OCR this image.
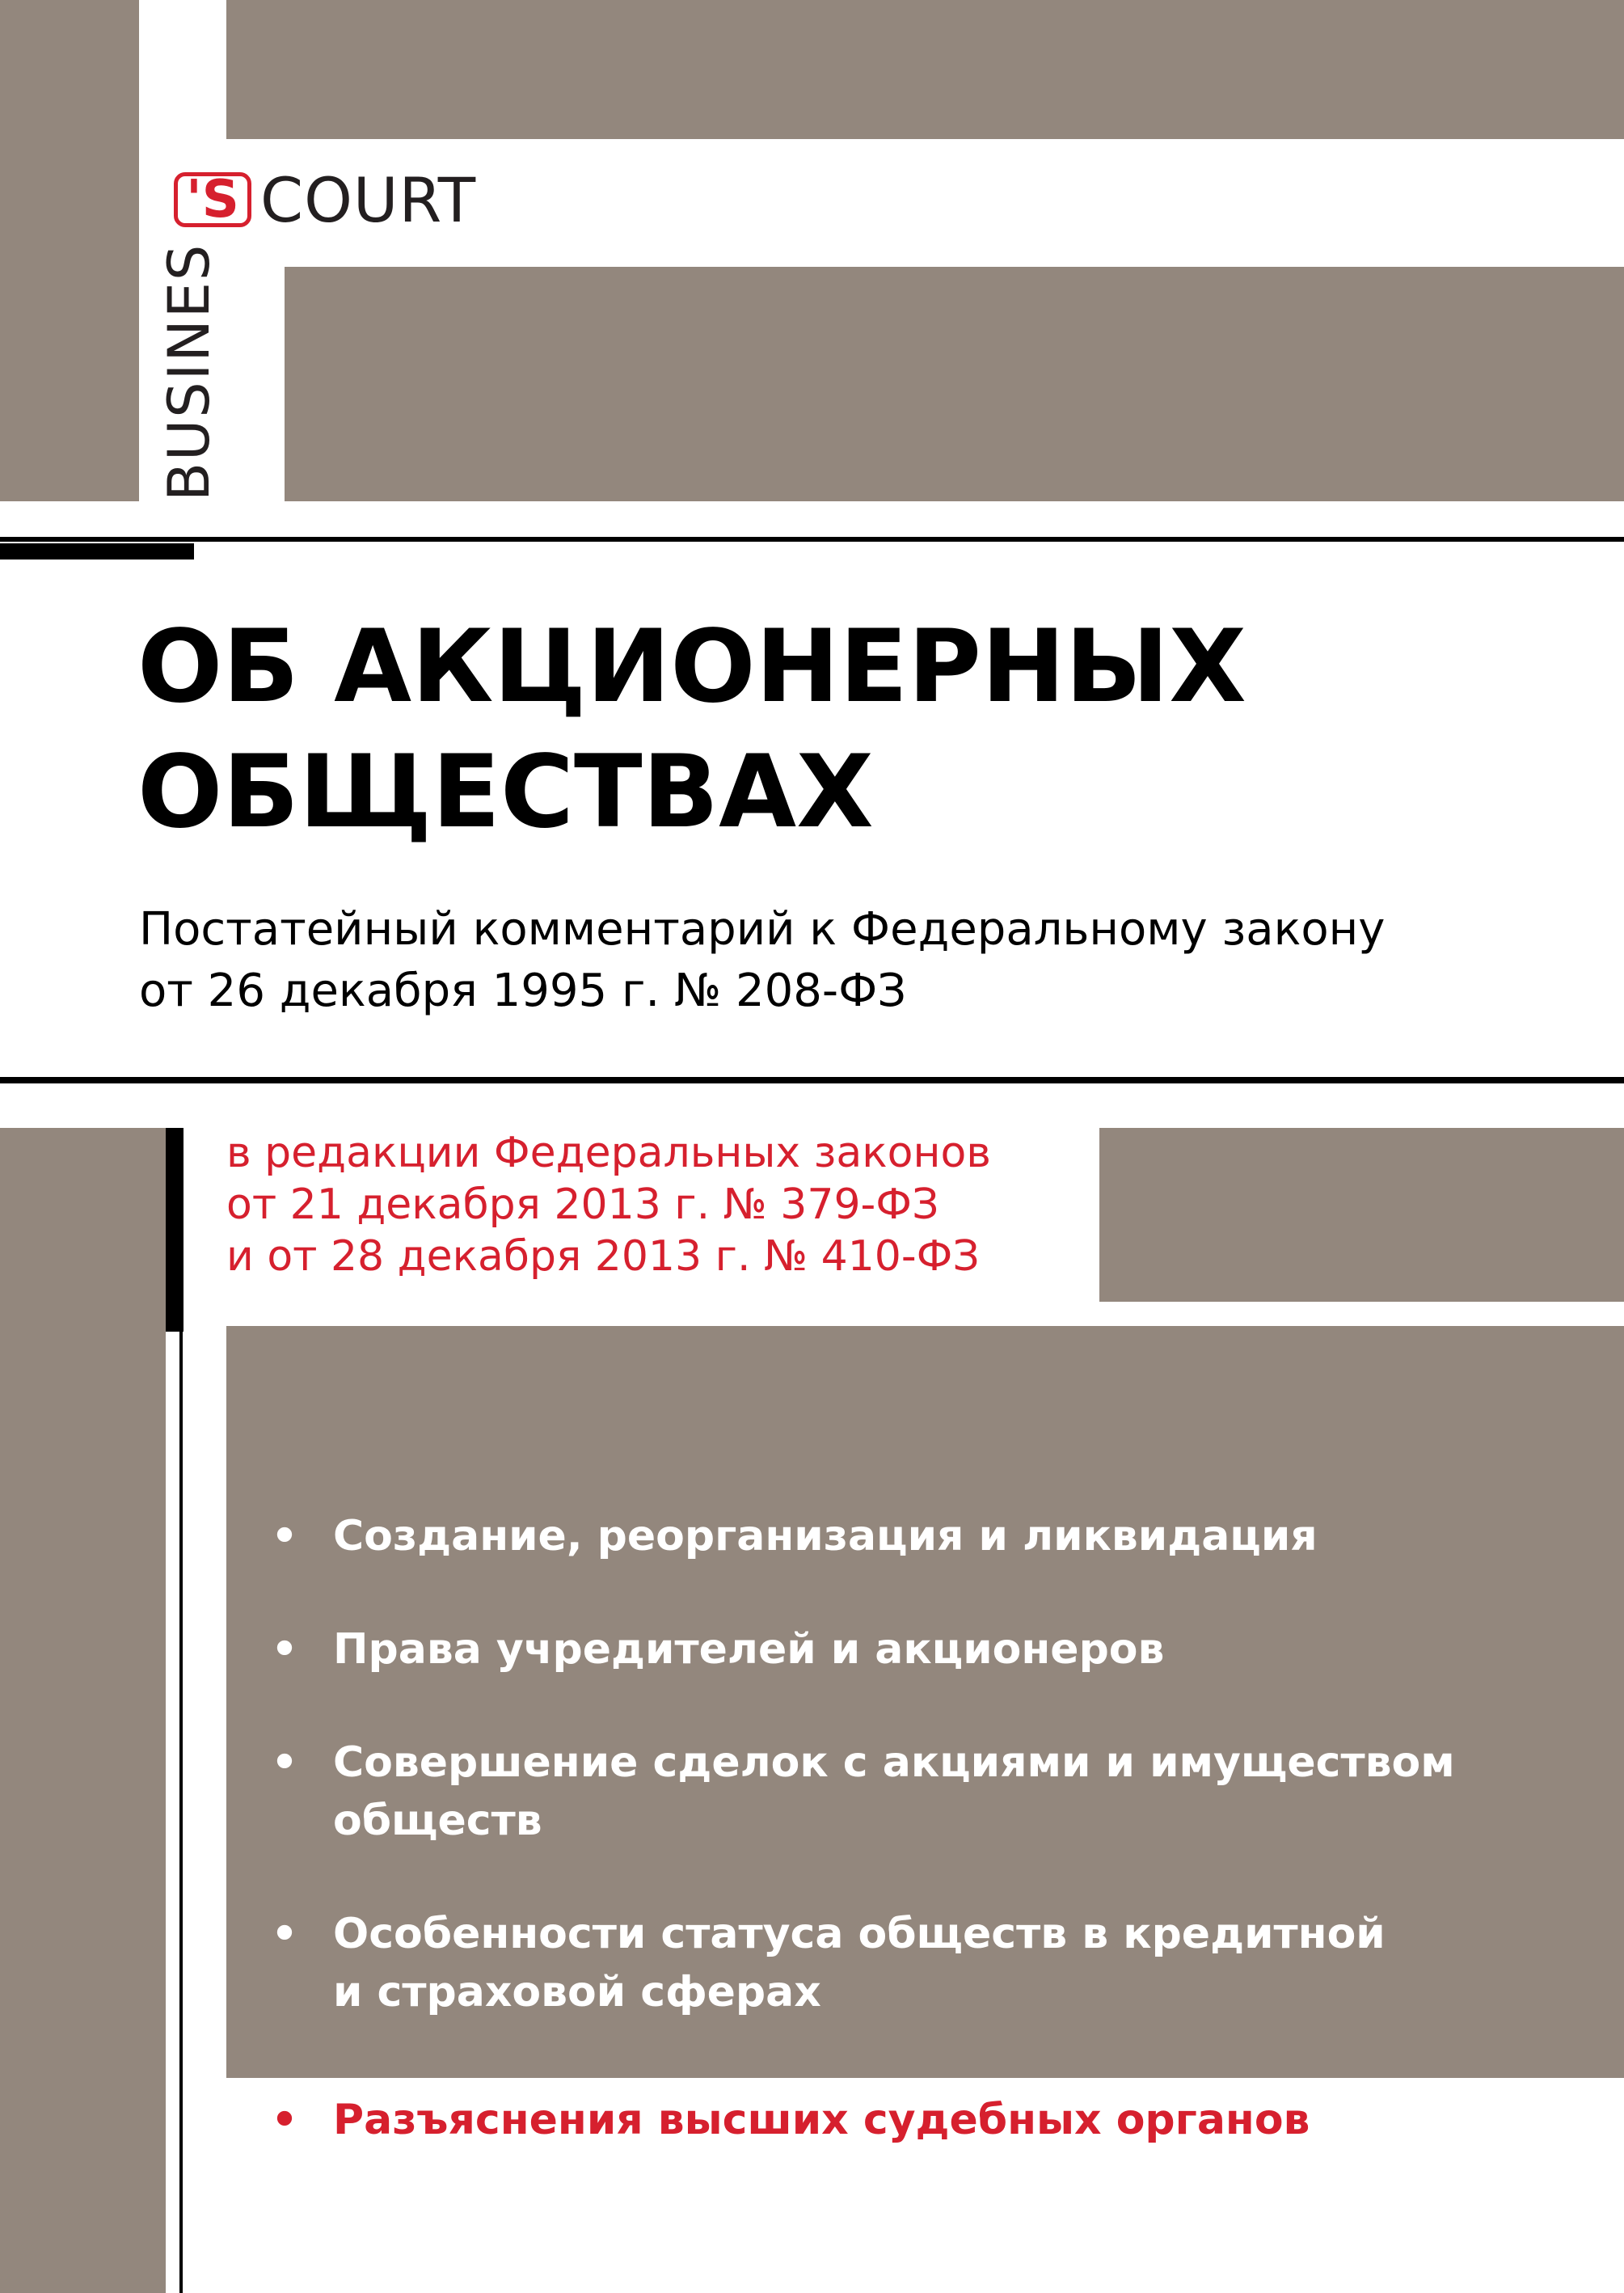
'S COURT
BUSINES
ОБ АКЦИОНЕРНЫХ
ОБЩЕСТВАХ
Постатейный комментарий к Федеральному закону
от 26 декабря 1995 г. № 208-ФЗ
в редакции Федеральных законов
от 21 декабря 2013 г. № 379-ФЗ
и от 28 декабря 2013 г. № 410-ФЗ
• Создание, реорганизация и ликвидация
• Права учредителей и акционеров
• Совершение сделок с акциями и имуществом
обществ
• Особенности статуса обществ в кредитной
и страховой сферах
• Разъяснения высших судебных органов
